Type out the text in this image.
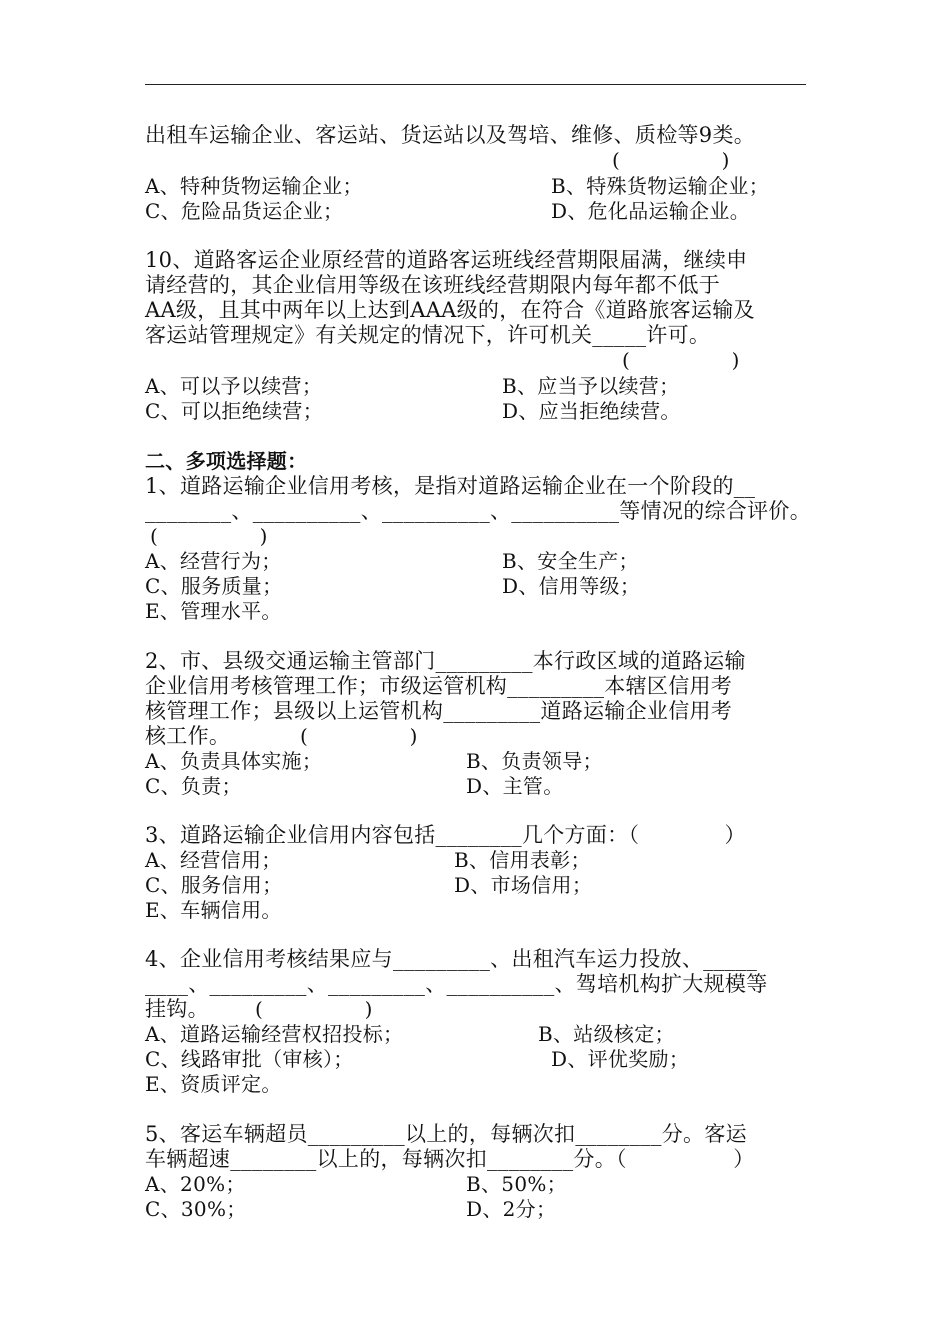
出租车运输企业、客运站、货运站以及驾培、维修、质检等9类。
(　　　　　)
A、特种货物运输企业；	B、特殊货物运输企业；
C、危险品货运企业；	D、危化品运输企业。
10、道路客运企业原经营的道路客运班线经营期限届满，继续申
请经营的，其企业信用等级在该班线经营期限内每年都不低于
AA级，且其中两年以上达到AAA级的，在符合《道路旅客运输及
客运站管理规定》有关规定的情况下，许可机关_____许可。
(　　　　　)
A、可以予以续营；	B、应当予以续营；
C、可以拒绝续营；	D、应当拒绝续营。
二、多项选择题：
1、道路运输企业信用考核，是指对道路运输企业在一个阶段的__
________、__________、__________、__________等情况的综合评价。
(　　　　　)
A、经营行为；	B、安全生产；
C、服务质量；	D、信用等级；
E、管理水平。
2、市、县级交通运输主管部门_________本行政区域的道路运输
企业信用考核管理工作；市级运管机构_________本辖区信用考
核管理工作；县级以上运管机构_________道路运输企业信用考
核工作。	(　　　　　)
A、负责具体实施；	B、负责领导；
C、负责；	D、主管。
3、道路运输企业信用内容包括________几个方面：（　　　　）
A、经营信用；	B、信用表彰；
C、服务信用；	D、市场信用；
E、车辆信用。
4、企业信用考核结果应与_________、出租汽车运力投放、_____
____、_________、_________、__________、驾培机构扩大规模等
挂钩。 (　　　　　)
A、道路运输经营权招投标；	B、站级核定；
C、线路审批（审核）；	D、评优奖励；
E、资质评定。
5、客运车辆超员_________以上的，每辆次扣________分。客运
车辆超速________以上的，每辆次扣________分。（　　　　　）
A、20%；	B、50%；
C、30%；	D、2分；
